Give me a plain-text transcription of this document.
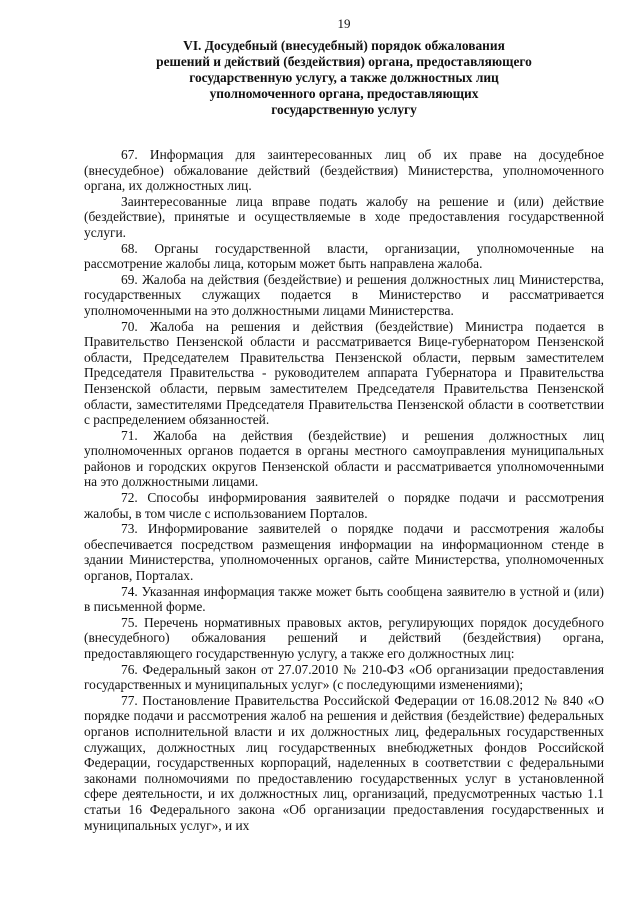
19
VI. Досудебный (внесудебный) порядок обжалования
решений и действий (бездействия) органа, предоставляющего
государственную услугу, а также должностных лиц
уполномоченного органа, предоставляющих
государственную услугу

67. Информация для заинтересованных лиц об их праве на досудебное (внесудебное) обжалование действий (бездействия) Министерства, уполномоченного органа, их должностных лиц.

Заинтересованные лица вправе подать жалобу на решение и (или) действие (бездействие), принятые и осуществляемые в ходе предоставления государственной услуги.

68. Органы государственной власти, организации, уполномоченные на рассмотрение жалобы лица, которым может быть направлена жалоба.

69. Жалоба на действия (бездействие) и решения должностных лиц Министерства, государственных служащих подается в Министерство и рассматривается уполномоченными на это должностными лицами Министерства.

70. Жалоба на решения и действия (бездействие) Министра подается в Правительство Пензенской области и рассматривается Вице-губернатором Пензенской области, Председателем Правительства Пензенской области, первым заместителем Председателя Правительства - руководителем аппарата Губернатора и Правительства Пензенской области, первым заместителем Председателя Правительства Пензенской области, заместителями Председателя Правительства Пензенской области в соответствии с распределением обязанностей.

71. Жалоба на действия (бездействие) и решения должностных лиц уполномоченных органов подается в органы местного самоуправления муниципальных районов и городских округов Пензенской области и рассматривается уполномоченными на это должностными лицами.

72. Способы информирования заявителей о порядке подачи и рассмотрения жалобы, в том числе с использованием Порталов.

73. Информирование заявителей о порядке подачи и рассмотрения жалобы обеспечивается посредством размещения информации на информационном стенде в здании Министерства, уполномоченных органов, сайте Министерства, уполномоченных органов, Порталах.

74. Указанная информация также может быть сообщена заявителю в устной и (или) в письменной форме.

75. Перечень нормативных правовых актов, регулирующих порядок досудебного (внесудебного) обжалования решений и действий (бездействия) органа, предоставляющего государственную услугу, а также его должностных лиц:

76. Федеральный закон от 27.07.2010 № 210-ФЗ «Об организации предоставления государственных и муниципальных услуг» (с последующими изменениями);

77. Постановление Правительства Российской Федерации от 16.08.2012 № 840 «О порядке подачи и рассмотрения жалоб на решения и действия (бездействие) федеральных органов исполнительной власти и их должностных лиц, федеральных государственных служащих, должностных лиц государственных внебюджетных фондов Российской Федерации, государственных корпораций, наделенных в соответствии с федеральными законами полномочиями по предоставлению государственных услуг в установленной сфере деятельности, и их должностных лиц, организаций, предусмотренных частью 1.1 статьи 16 Федерального закона «Об организации предоставления государственных и муниципальных услуг», и их
